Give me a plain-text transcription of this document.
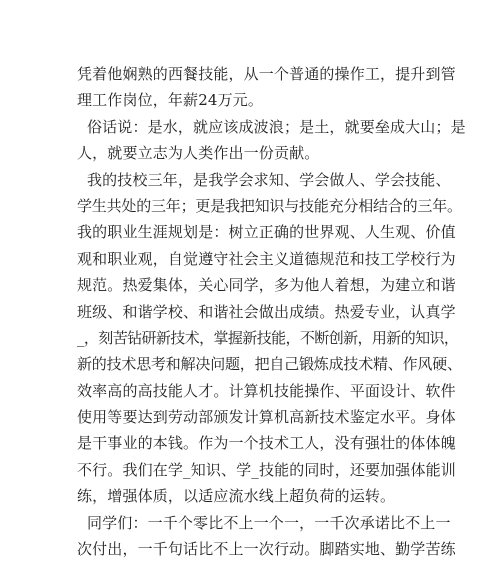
凭着他娴熟的西餐技能，从一个普通的操作工，提升到管
理工作岗位，年薪24万元。
俗话说：是水，就应该成波浪；是土，就要垒成大山；是
人，就要立志为人类作出一份贡献。
我的技校三年，是我学会求知、学会做人、学会技能、
学生共处的三年；更是我把知识与技能充分相结合的三年。
我的职业生涯规划是：树立正确的世界观、人生观、价值
观和职业观，自觉遵守社会主义道德规范和技工学校行为
规范。热爱集体，关心同学，多为他人着想，为建立和谐
班级、和谐学校、和谐社会做出成绩。热爱专业，认真学
_，刻苦钻研新技术，掌握新技能，不断创新，用新的知识，
新的技术思考和解决问题，把自己锻炼成技术精、作风硬、
效率高的高技能人才。计算机技能操作、平面设计、软件
使用等要达到劳动部颁发计算机高新技术鉴定水平。身体
是干事业的本钱。作为一个技术工人，没有强壮的体体魄
不行。我们在学_知识、学_技能的同时，还要加强体能训
练，增强体质，以适应流水线上超负荷的运转。
同学们：一千个零比不上一个一，一千次承诺比不上一
次付出，一千句话比不上一次行动。脚踏实地、勤学苦练
